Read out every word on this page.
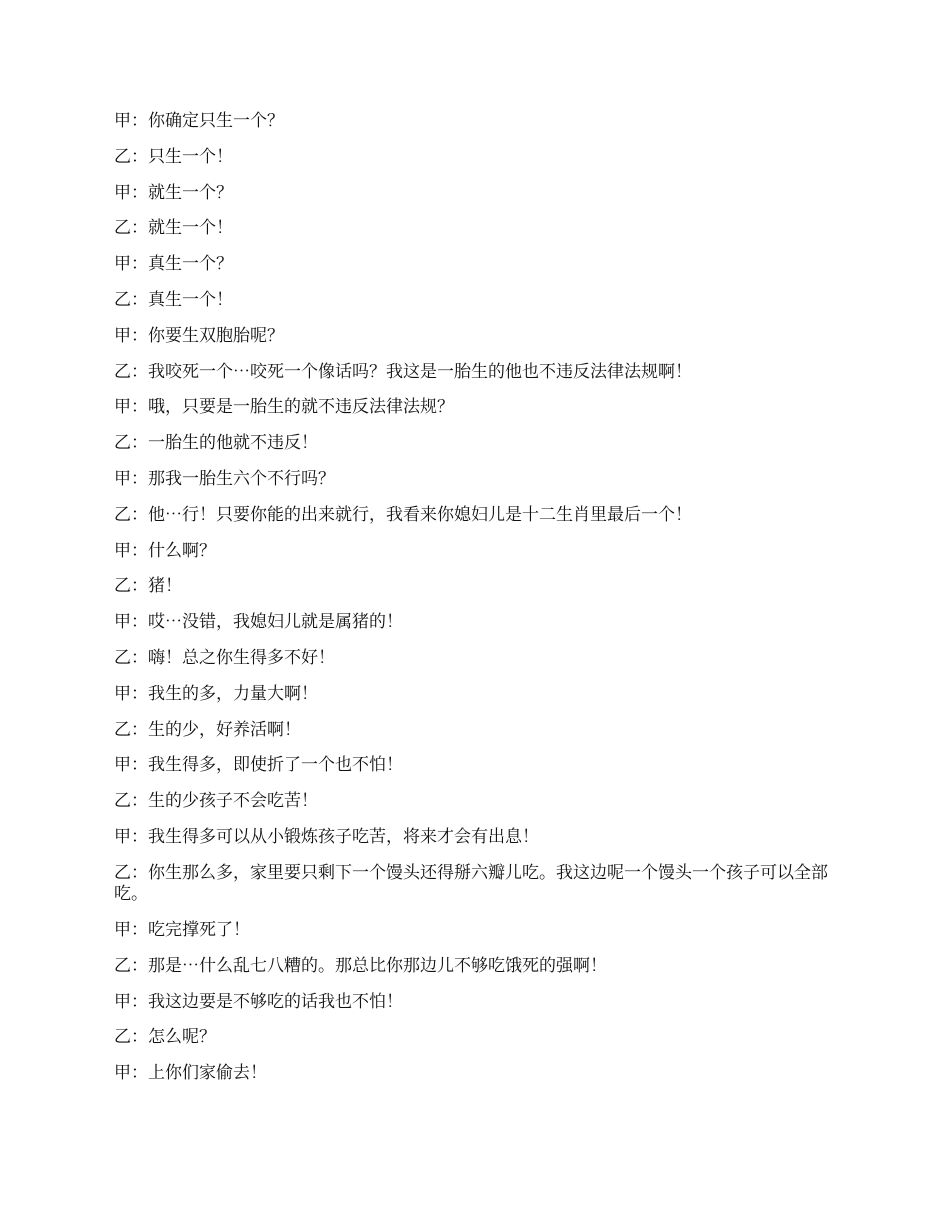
甲：你确定只生一个？

乙：只生一个！

甲：就生一个？

乙：就生一个！

甲：真生一个？

乙：真生一个！

甲：你要生双胞胎呢？

乙：我咬死一个⋯咬死一个像话吗？我这是一胎生的他也不违反法律法规啊！

甲：哦，只要是一胎生的就不违反法律法规？

乙：一胎生的他就不违反！

甲：那我一胎生六个不行吗？

乙：他⋯行！只要你能的出来就行，我看来你媳妇儿是十二生肖里最后一个！

甲：什么啊？

乙：猪！

甲：哎⋯没错，我媳妇儿就是属猪的！

乙：嗨！总之你生得多不好！

甲：我生的多，力量大啊！

乙：生的少，好养活啊！

甲：我生得多，即使折了一个也不怕！

乙：生的少孩子不会吃苦！

甲：我生得多可以从小锻炼孩子吃苦，将来才会有出息！

乙：你生那么多，家里要只剩下一个馒头还得掰六瓣儿吃。我这边呢一个馒头一个孩子可以全部吃。

甲：吃完撑死了！

乙：那是⋯什么乱七八糟的。那总比你那边儿不够吃饿死的强啊！

甲：我这边要是不够吃的话我也不怕！

乙：怎么呢？

甲：上你们家偷去！
